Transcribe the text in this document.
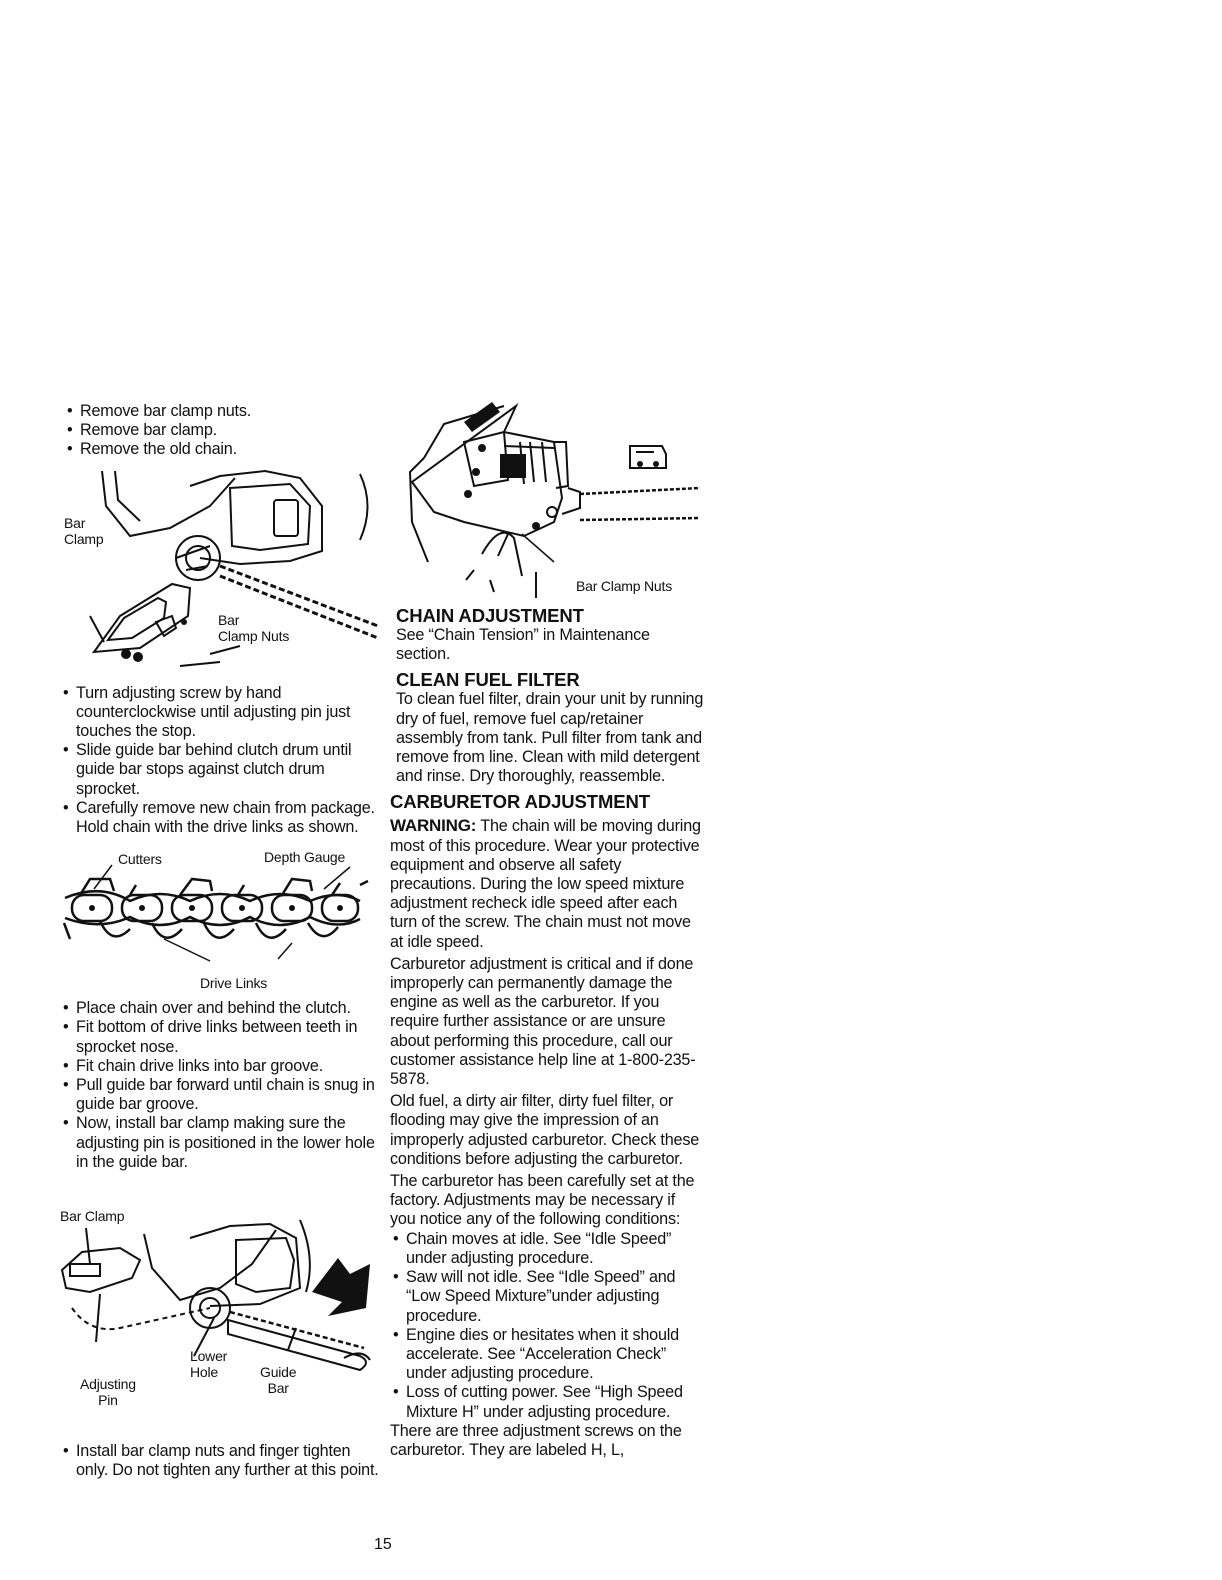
• Remove bar clamp nuts.
• Remove bar clamp.
• Remove the old chain.
Bar
Clamp
Bar
Clamp Nuts
• Turn adjusting screw by hand counterclockwise until adjusting pin just touches the stop.
• Slide guide bar behind clutch drum until guide bar stops against clutch drum sprocket.
• Carefully remove new chain from package. Hold chain with the drive links as shown.
Cutters	Depth Gauge
Drive Links
• Place chain over and behind the clutch.
• Fit bottom of drive links between teeth in sprocket nose.
• Fit chain drive links into bar groove.
• Pull guide bar forward until chain is snug in guide bar groove.
• Now, install bar clamp making sure the adjusting pin is positioned in the lower hole in the guide bar.
Bar Clamp
Lower
Hole	Guide
Bar
Adjusting
Pin
• Install bar clamp nuts and finger tighten only. Do not tighten any further at this point.
Bar Clamp Nuts
CHAIN ADJUSTMENT

See “Chain Tension” in Maintenance section.

CLEAN FUEL FILTER

To clean fuel filter, drain your unit by running dry of fuel, remove fuel cap/retainer assembly from tank. Pull filter from tank and remove from line. Clean with mild detergent and rinse. Dry thoroughly, reassemble.

CARBURETOR ADJUSTMENT

WARNING: The chain will be moving during most of this procedure. Wear your protective equipment and observe all safety precautions. During the low speed mixture adjustment recheck idle speed after each turn of the screw. The chain must not move at idle speed.

Carburetor adjustment is critical and if done improperly can permanently damage the engine as well as the carburetor. If you require further assistance or are unsure about performing this procedure, call our customer assistance help line at 1-800-235-5878.

Old fuel, a dirty air filter, dirty fuel filter, or flooding may give the impression of an improperly adjusted carburetor. Check these conditions before adjusting the carburetor.

The carburetor has been carefully set at the factory. Adjustments may be necessary if you notice any of the following conditions:

• Chain moves at idle. See “Idle Speed” under adjusting procedure.
• Saw will not idle. See “Idle Speed” and “Low Speed Mixture”under adjusting procedure.
• Engine dies or hesitates when it should accelerate. See “Acceleration Check” under adjusting procedure.
• Loss of cutting power. See “High Speed Mixture H” under adjusting procedure.

There are three adjustment screws on the carburetor. They are labeled H, L,

15
